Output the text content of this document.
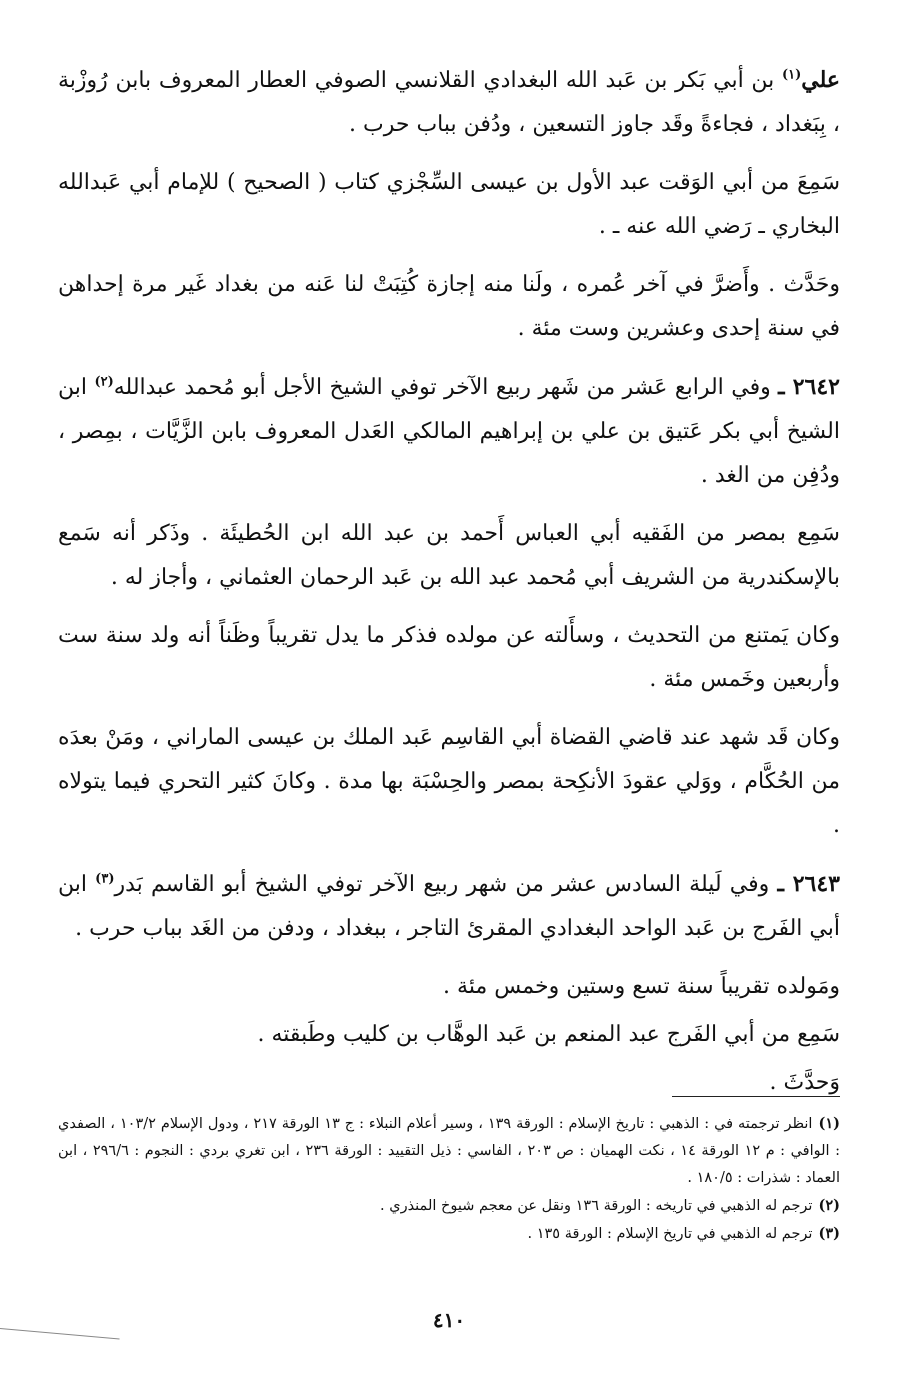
علي$^{(١)}$ بن أبي بَكر بن عَبد الله البغدادي القلانسي الصوفي العطار المعروف بابن رُوزْبة ، بِبَغداد ، فجاءةً وقَد جاوز التسعين ، ودُفن بباب حرب .

سَمِعَ من أبي الوَقت عبد الأول بن عيسى السِّجْزي كتاب ( الصحيح ) للإمام أبي عَبدالله البخاري ـ رَضي الله عنه ـ .

وحَدَّث . وأَضرَّ في آخر عُمره ، ولَنا منه إجازة كُتِبَتْ لنا عَنه من بغداد غَير مرة إحداهن في سنة إحدى وعشرين وست مئة .

٢٦٤٢ ـ وفي الرابع عَشر من شَهر ربيع الآخر توفي الشيخ الأجل أبو مُحمد عبدالله$^{(٢)}$ ابن الشيخ أبي بكر عَتيق بن علي بن إبراهيم المالكي العَدل المعروف بابن الزَّيَّات ، بمِصر ، ودُفِن من الغد .

سَمِع بمصر من الفَقيه أبي العباس أَحمد بن عبد الله ابن الحُطيئَة . وذَكر أنه سَمع بالإسكندرية من الشريف أبي مُحمد عبد الله بن عَبد الرحمان العثماني ، وأجاز له .

وكان يَمتنع من التحديث ، وسأَلته عن مولده فذكر ما يدل تقريباً وظَناً أنه ولد سنة ست وأربعين وخَمس مئة .

وكان قَد شهد عند قاضي القضاة أبي القاسِم عَبد الملك بن عيسى الماراني ، ومَنْ بعدَه من الحُكَّام ، ووَلي عقودَ الأنكِحة بمصر والحِسْبَة بها مدة . وكانَ كثير التحري فيما يتولاه .

٢٦٤٣ ـ وفي لَيلة السادس عشر من شهر ربيع الآخر توفي الشيخ أبو القاسم بَدر$^{(٣)}$ ابن أبي الفَرج بن عَبد الواحد البغدادي المقرئ التاجر ، ببغداد ، ودفن من الغَد بباب حرب .

ومَولده تقريباً سنة تسع وستين وخمس مئة .

سَمِع من أبي الفَرج عبد المنعم بن عَبد الوهَّاب بن كليب وطَبقته .

وَحدَّثَ .

(١)انظر ترجمته في : الذهبي : تاريخ الإسلام : الورقة ١٣٩ ، وسير أعلام النبلاء : ج ١٣ الورقة ٢١٧ ، ودول الإسلام ١٠٣/٢ ، الصفدي : الوافي : م ١٢ الورقة ١٤ ، نكت الهميان : ص ٢٠٣ ، الفاسي : ذيل التقييد : الورقة ٢٣٦ ، ابن تغري بردي : النجوم : ٢٩٦/٦ ، ابن العماد : شذرات : ١٨٠/٥ .

(٢)ترجم له الذهبي في تاريخه : الورقة ١٣٦ ونقل عن معجم شيوخ المنذري .

(٣)ترجم له الذهبي في تاريخ الإسلام : الورقة ١٣٥ .

٤١٠
